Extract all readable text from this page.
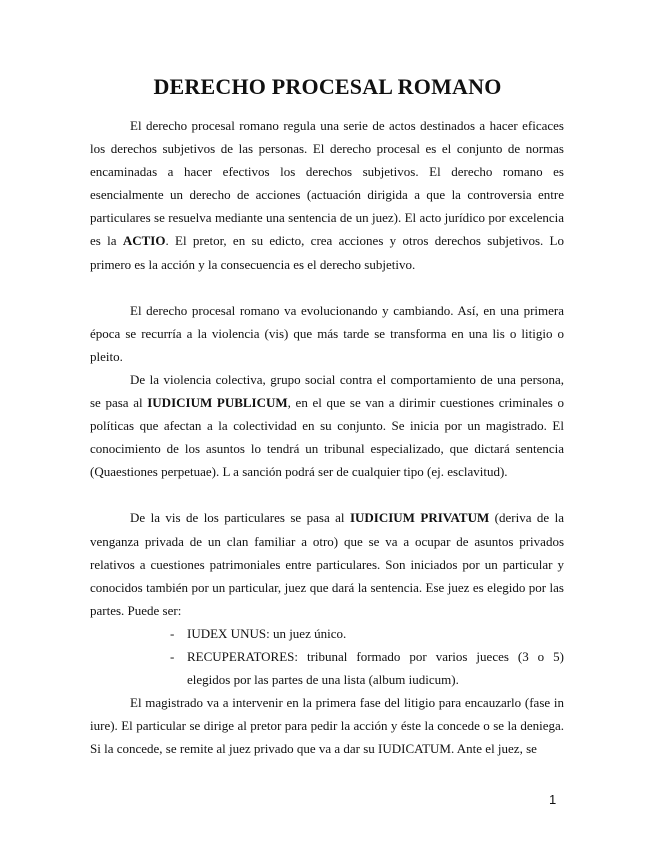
DERECHO PROCESAL ROMANO

El derecho procesal romano regula una serie de actos destinados a hacer eficaces los derechos subjetivos de las personas. El derecho procesal es el conjunto de normas encaminadas a hacer efectivos los derechos subjetivos. El derecho romano es esencialmente un derecho de acciones (actuación dirigida a que la controversia entre particulares se resuelva mediante una sentencia de un juez). El acto jurídico por excelencia es la ACTIO. El pretor, en su edicto, crea acciones y otros derechos subjetivos. Lo primero es la acción y la consecuencia es el derecho subjetivo.

El derecho procesal romano va evolucionando y cambiando. Así, en una primera época se recurría a la violencia (vis) que más tarde se transforma en una lis o litigio o pleito.

De la violencia colectiva, grupo social contra el comportamiento de una persona, se pasa al IUDICIUM PUBLICUM, en el que se van a dirimir cuestiones criminales o políticas que afectan a la colectividad en su conjunto. Se inicia por un magistrado. El conocimiento de los asuntos lo tendrá un tribunal especializado, que dictará sentencia (Quaestiones perpetuae). L a sanción podrá ser de cualquier tipo (ej. esclavitud).

De la vis de los particulares se pasa al IUDICIUM PRIVATUM (deriva de la venganza privada de un clan familiar a otro) que se va a ocupar de asuntos privados relativos a cuestiones patrimoniales entre particulares. Son iniciados por un particular y conocidos también por un particular, juez que dará la sentencia. Ese juez es elegido por las partes. Puede ser:

- IUDEX UNUS: un juez único.
- RECUPERATORES: tribunal formado por varios jueces (3 o 5) elegidos por las partes de una lista (album iudicum).

El magistrado va a intervenir en la primera fase del litigio para encauzarlo (fase in iure). El particular se dirige al pretor para pedir la acción y éste la concede o se la deniega. Si la concede, se remite al juez privado que va a dar su IUDICATUM. Ante el juez, se

1
